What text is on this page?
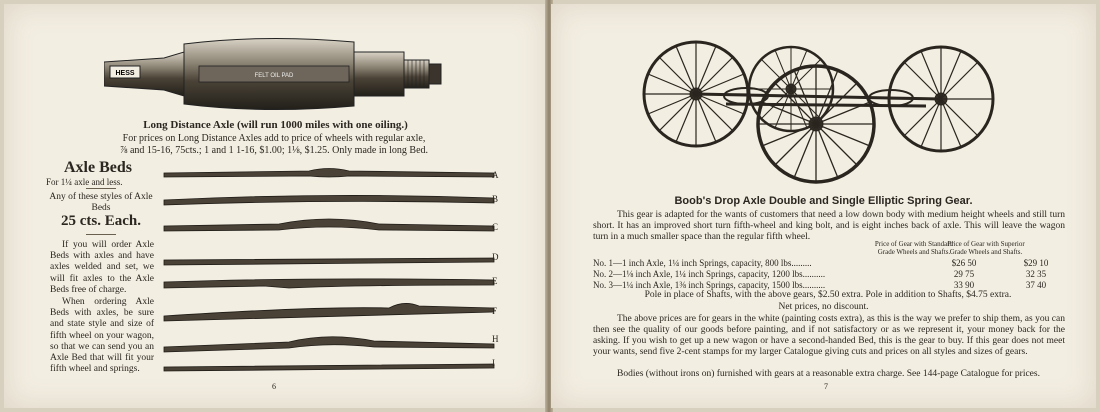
HESS	FELT OIL PAD
Long Distance Axle (will run 1000 miles with one oiling.)
For prices on Long Distance Axles add to price of wheels with regular axle,
⅞ and 15-16, 75cts.; 1 and 1 1-16, $1.00; 1⅛, $1.25. Only made in long Bed.
Axle Beds
For 1¼ axle and less.
Any of these styles of Axle Beds
25 cts. Each.

If you will order Axle Beds with axles and have axles welded and set, we will fit axles to the Axle Beds free of charge.

When ordering Axle Beds with axles, be sure and state style and size of fifth wheel on your wagon, so that we can send you an Axle Bed that will fit your fifth wheel and springs.

A
B
C
D
E
F
H
I
6
Boob's Drop Axle Double and Single Elliptic Spring Gear.

This gear is adapted for the wants of customers that need a low down body with medium height wheels and still turn short. It has an improved short turn fifth-wheel and king bolt, and is eight inches back of axle. This will leave the wagon turn in a much smaller space than the regular fifth wheel.

Price of Gear with Standard Grade Wheels and Shafts.
Price of Gear with Superior Grade Wheels and Shafts.
No. 1—1 inch Axle, 1¼ inch Springs, capacity, 800 lbs.........	$26 50	$29 10
No. 2—1⅛ inch Axle, 1¼ inch Springs, capacity, 1200 lbs..........	29 75	32 35
No. 3—1¼ inch Axle, 1⅜ inch Springs, capacity, 1500 lbs..........	33 90	37 40
Pole in place of Shafts, with the above gears, $2.50 extra. Pole in addition to Shafts, $4.75 extra.
Net prices, no discount.

The above prices are for gears in the white (painting costs extra), as this is the way we prefer to ship them, as you can then see the quality of our goods before painting, and if not satisfactory or as we represent it, your money back for the asking. If you wish to get up a new wagon or have a second-handed Bed, this is the gear to buy. If this gear does not meet your wants, send five 2-cent stamps for my larger Catalogue giving cuts and prices on all styles and sizes of gears.

Bodies (without irons on) furnished with gears at a reasonable extra charge. See 144-page Catalogue for prices.

7
